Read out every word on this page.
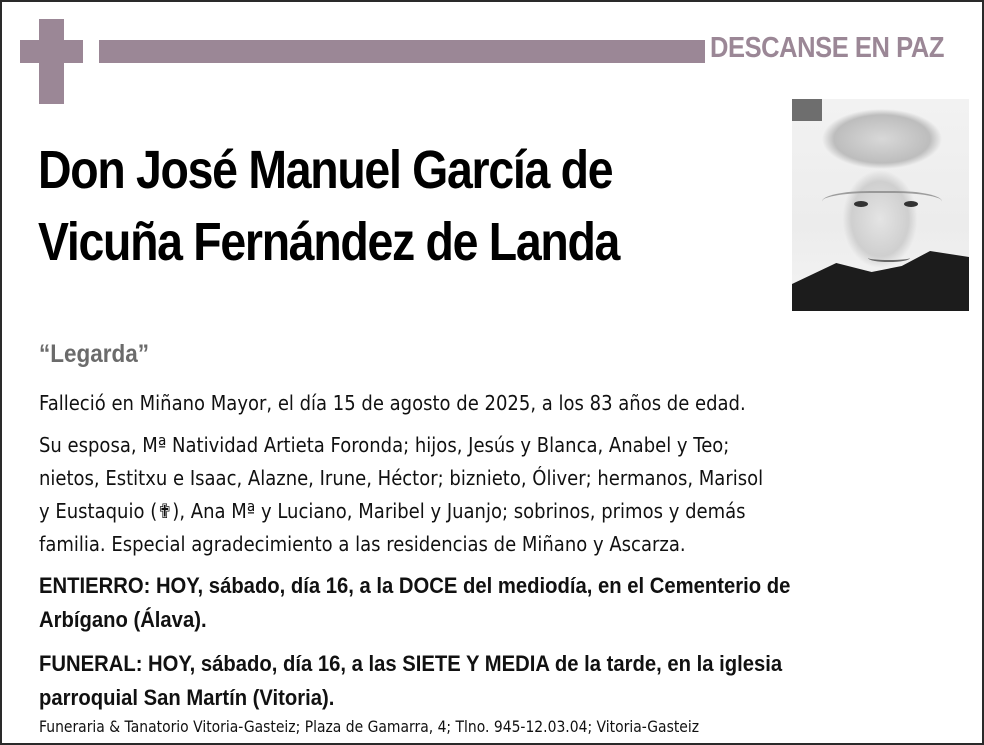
DESCANSE EN PAZ
Don José Manuel García de
Vicuña Fernández de Landa
“Legarda”
Falleció en Miñano Mayor, el día 15 de agosto de 2025, a los 83 años de edad.
Su esposa, Mª Natividad Artieta Foronda; hijos, Jesús y Blanca, Anabel y Teo;
nietos, Estitxu e Isaac, Alazne, Irune, Héctor; biznieto, Óliver; hermanos, Marisol
y Eustaquio (✟), Ana Mª y Luciano, Maribel y Juanjo; sobrinos, primos y demás
familia. Especial agradecimiento a las residencias de Miñano y Ascarza.
ENTIERRO: HOY, sábado, día 16, a la DOCE del mediodía, en el Cementerio de
Arbígano (Álava).
FUNERAL: HOY, sábado, día 16, a las SIETE Y MEDIA de la tarde, en la iglesia
parroquial San Martín (Vitoria).
Funeraria & Tanatorio Vitoria-Gasteiz; Plaza de Gamarra, 4; Tlno. 945-12.03.04; Vitoria-Gasteiz
